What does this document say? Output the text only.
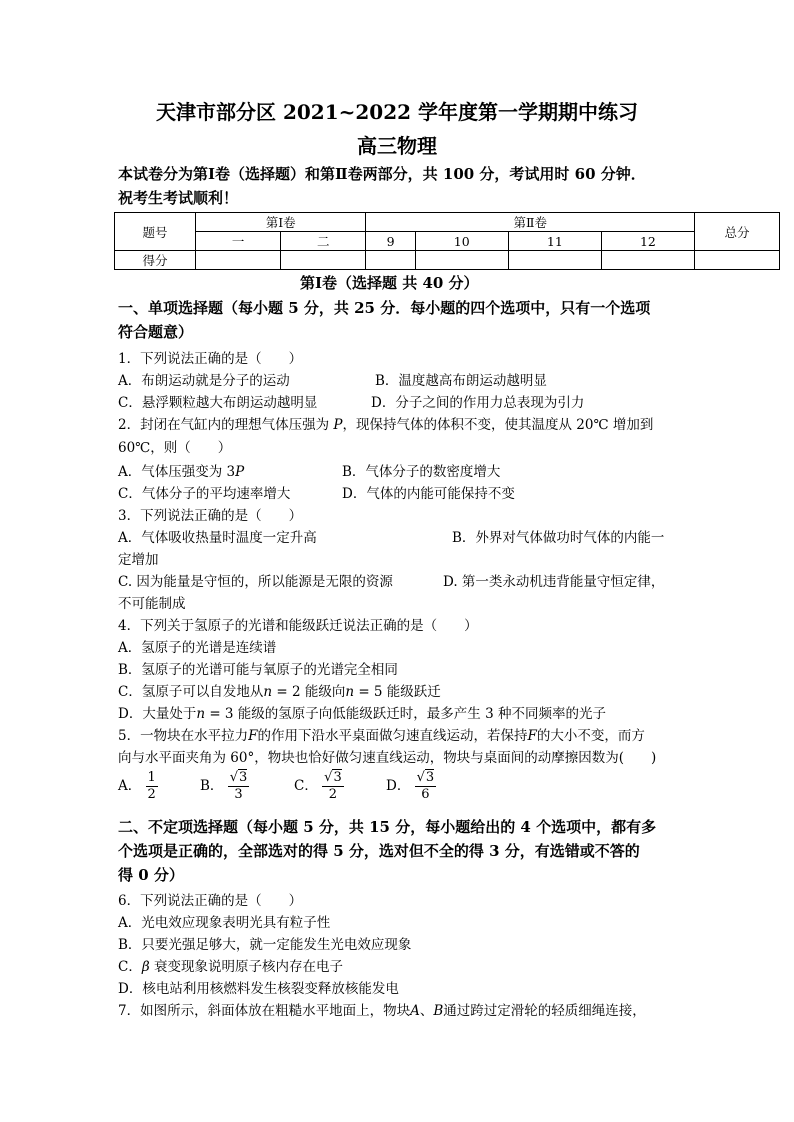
天津市部分区 2021~2022 学年度第一学期期中练习
高三物理
本试卷分为第Ⅰ卷（选择题）和第Ⅱ卷两部分，共 100 分，考试用时 60 分钟．
祝考生考试顺利！
题号	第Ⅰ卷		第Ⅱ卷				总分
	一	二	9	10	11	12	
得分							
第Ⅰ卷（选择题 共 40 分）
一、单项选择题（每小题 5 分，共 25 分．每小题的四个选项中，只有一个选项
符合题意）
1．下列说法正确的是（　　）
A．布朗运动就是分子的运动	B．温度越高布朗运动越明显
C．悬浮颗粒越大布朗运动越明显	D．分子之间的作用力总表现为引力
2．封闭在气缸内的理想气体压强为 P，现保持气体的体积不变，使其温度从 20℃ 增加到
60℃，则（　　）
A．气体压强变为 3P	B．气体分子的数密度增大
C．气体分子的平均速率增大	D．气体的内能可能保持不变
3．下列说法正确的是（　　）
A．气体吸收热量时温度一定升高	B．外界对气体做功时气体的内能一
定增加
C. 因为能量是守恒的，所以能源是无限的资源	D. 第一类永动机违背能量守恒定律，
不可能制成
4．下列关于氢原子的光谱和能级跃迁说法正确的是（　　）
A．氢原子的光谱是连续谱
B．氢原子的光谱可能与氧原子的光谱完全相同
C．氢原子可以自发地从n = 2 能级向n = 5 能级跃迁
D．大量处于n = 3 能级的氢原子向低能级跃迁时，最多产生 3 种不同频率的光子
5．一物块在水平拉力F的作用下沿水平桌面做匀速直线运动，若保持F的大小不变，而方
向与水平面夹角为 60°，物块也恰好做匀速直线运动，物块与桌面间的动摩擦因数为(　　)
A． $\frac{1}{2}$	B． $\frac{√3}{3}$	C． $\frac{√3}{2}$	D． $\frac{√3}{6}$
二、不定项选择题（每小题 5 分，共 15 分，每小题给出的 4 个选项中，都有多
个选项是正确的，全部选对的得 5 分，选对但不全的得 3 分，有选错或不答的
得 0 分）
6．下列说法正确的是（　　）
A．光电效应现象表明光具有粒子性
B．只要光强足够大，就一定能发生光电效应现象
C．β 衰变现象说明原子核内存在电子
D．核电站利用核燃料发生核裂变释放核能发电
7．如图所示，斜面体放在粗糙水平地面上，物块A、B通过跨过定滑轮的轻质细绳连接，
